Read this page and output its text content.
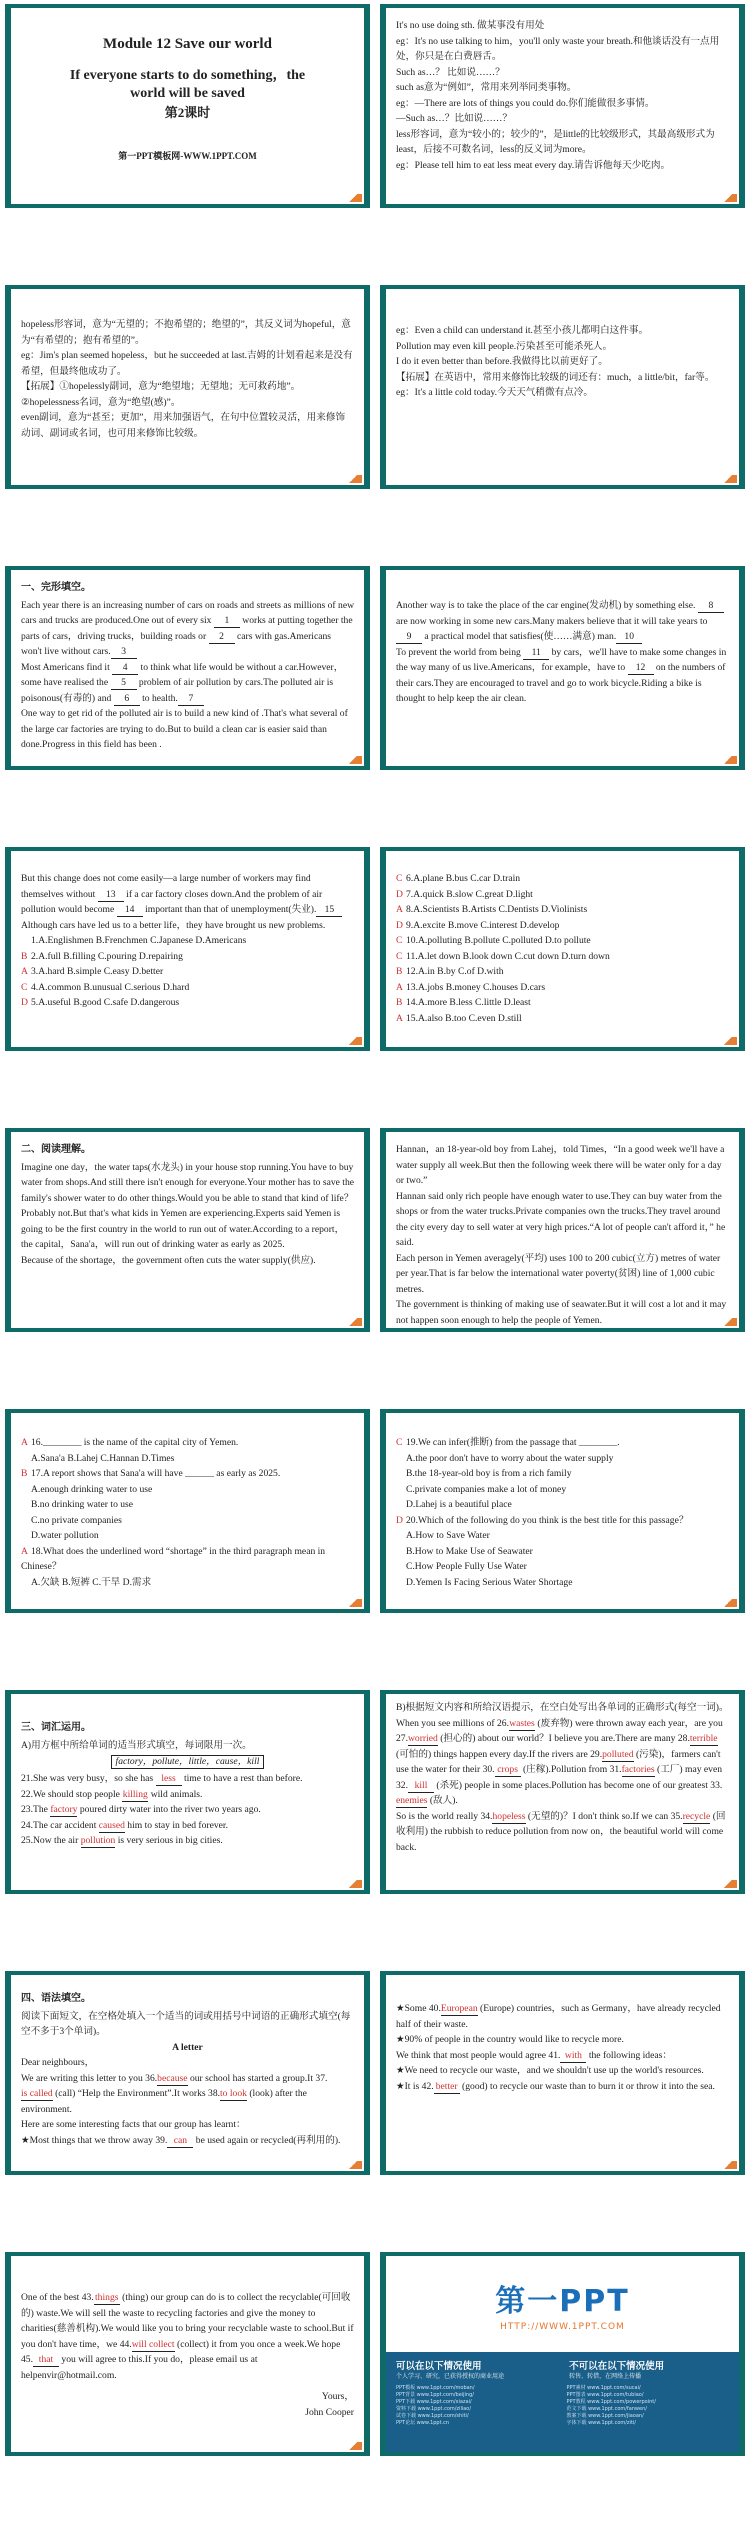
Module 12 Save our world
If everyone starts to do something，the
world will be saved
第2课时
第一PPT模板网-WWW.1PPT.COM
It's no use doing sth. 做某事没有用处
eg：It's no use talking to him，you'll only waste your breath.和他谈话没有一点用处，你只是在白费唇舌。
Such as…？ 比如说……？
such as意为“例如”，常用来列举同类事物。
eg：—There are lots of things you could do.你们能做很多事情。
—Such as…？比如说……？
less形容词，意为“较小的；较少的”，是little的比较级形式，其最高级形式为least，后接不可数名词，less的反义词为more。
eg：Please tell him to eat less meat every day.请告诉他每天少吃肉。
hopeless形容词，意为“无望的；不抱希望的；绝望的”，其反义词为hopeful，意为“有希望的；抱有希望的”。
eg：Jim's plan seemed hopeless，but he succeeded at last.吉姆的计划看起来是没有希望，但最终他成功了。
【拓展】①hopelessly副词，意为“绝望地；无望地；无可救药地”。
②hopelessness名词，意为“绝望(感)”。
even副词，意为“甚至；更加”，用来加强语气，在句中位置较灵活，用来修饰动词、副词或名词，也可用来修饰比较级。
eg：Even a child can understand it.甚至小孩儿都明白这件事。
Pollution may even kill people.污染甚至可能杀死人。
I do it even better than before.我做得比以前更好了。
【拓展】在英语中，常用来修饰比较级的词还有：much，a little/bit，far等。
eg：It's a little cold today.今天天气稍微有点冷。
一、完形填空。
Each year there is an increasing number of cars on roads and streets as millions of new cars and trucks are produced.One out of every six 1 works at putting together the parts of cars，driving trucks，building roads or 2 cars with gas.Americans won't live without cars. 3
Most Americans find it 4 to think what life would be without a car.However，some have realised the 5 problem of air pollution by cars.The polluted air is poisonous(有毒的) and 6 to health. 7
One way to get rid of the polluted air is to build a new kind of .That's what several of the large car factories are trying to do.But to build a clean car is easier said than done.Progress in this field has been .
Another way is to take the place of the car engine(发动机) by something else. 8 are now working in some new cars.Many makers believe that it will take years to 9 a practical model that satisfies(使……满意) man. 10
To prevent the world from being 11 by cars，we'll have to make some changes in the way many of us live.Americans，for example，have to 12 on the numbers of their cars.They are encouraged to travel and go to work bicycle.Riding a bike is thought to help keep the air clean.
But this change does not come easily—a large number of workers may find themselves without 13 if a car factory closes down.And the problem of air pollution would become 14 important than that of unemployment(失业). 15
Although cars have led us to a better life，they have brought us new problems.
1.A.Englishmen B.Frenchmen C.Japanese D.Americans
B 2.A.full B.filling C.pouring D.repairing
A 3.A.hard B.simple C.easy D.better
C 4.A.common B.unusual C.serious D.hard
D 5.A.useful B.good C.safe D.dangerous
C 6.A.plane B.bus C.car D.train
D 7.A.quick B.slow C.great D.light
A 8.A.Scientists B.Artists C.Dentists D.Violinists
D 9.A.excite B.move C.interest D.develop
C 10.A.polluting B.pollute C.polluted D.to pollute
C 11.A.let down B.look down C.cut down D.turn down
B 12.A.in B.by C.of D.with
A 13.A.jobs B.money C.houses D.cars
B 14.A.more B.less C.little D.least
A 15.A.also B.too C.even D.still
二、阅读理解。
Imagine one day，the water taps(水龙头) in your house stop running.You have to buy water from shops.And still there isn't enough for everyone.Your mother has to save the family's shower water to do other things.Would you be able to stand that kind of life？
Probably not.But that's what kids in Yemen are experiencing.Experts said Yemen is going to be the first country in the world to run out of water.According to a report，the capital，Sana'a，will run out of drinking water as early as 2025.
Because of the shortage，the government often cuts the water supply(供应).
Hannan，an 18-year-old boy from Lahej，told Times，“In a good week we'll have a water supply all week.But then the following week there will be water only for a day or two.”
Hannan said only rich people have enough water to use.They can buy water from the shops or from the water trucks.Private companies own the trucks.They travel around the city every day to sell water at very high prices.“A lot of people can't afford it，” he said.
Each person in Yemen averagely(平均) uses 100 to 200 cubic(立方) metres of water per year.That is far below the international water poverty(贫困) line of 1,000 cubic metres.
The government is thinking of making use of seawater.But it will cost a lot and it may not happen soon enough to help the people of Yemen.
A 16.________ is the name of the capital city of Yemen.
A.Sana'a B.Lahej C.Hannan D.Times
B 17.A report shows that Sana'a will have ______ as early as 2025.
A.enough drinking water to use
B.no drinking water to use
C.no private companies
D.water pollution
A 18.What does the underlined word “shortage” in the third paragraph mean in Chinese？
A.欠缺 B.短裤 C.干旱 D.需求
C 19.We can infer(推断) from the passage that ________.
A.the poor don't have to worry about the water supply
B.the 18-year-old boy is from a rich family
C.private companies make a lot of money
D.Lahej is a beautiful place
D 20.Which of the following do you think is the best title for this passage？
A.How to Save Water
B.How to Make Use of Seawater
C.How People Fully Use Water
D.Yemen Is Facing Serious Water Shortage
三、词汇运用。
A)用方框中所给单词的适当形式填空，每词限用一次。
factory，pollute，little，cause，kill
21.She was very busy，so she has less time to have a rest than before.
22.We should stop people killing wild animals.
23.The factory poured dirty water into the river two years ago.
24.The car accident caused him to stay in bed forever.
25.Now the air pollution is very serious in big cities.
B)根据短文内容和所给汉语提示，在空白处写出各单词的正确形式(每空一词)。
When you see millions of 26.wastes (废弃物) were thrown away each year，are you 27.worried (担心的) about our world？I believe you are.There are many 28.terrible (可怕的) things happen every day.If the rivers are 29.polluted (污染)，farmers can't use the water for their 30. crops (庄稼).Pollution from 31.factories (工厂) may even 32. kill (杀死) people in some places.Pollution has become one of our greatest 33.enemies (敌人).
So is the world really 34.hopeless (无望的)？I don't think so.If we can 35.recycle (回收利用) the rubbish to reduce pollution from now on，the beautiful world will come back.
四、语法填空。
阅读下面短文，在空格处填入一个适当的词或用括号中词语的正确形式填空(每空不多于3个单词)。
A letter
Dear neighbours，
We are writing this letter to you 36.because our school has started a group.It 37.is called (call) “Help the Environment”.It works 38.to look (look) after the environment.
Here are some interesting facts that our group has learnt：
★Most things that we throw away 39. can be used again or recycled(再利用的).
★Some 40.European (Europe) countries，such as Germany，have already recycled half of their waste.
★90% of people in the country would like to recycle more.
We think that most people would agree 41. with the following ideas：
★We need to recycle our waste，and we shouldn't use up the world's resources.
★It is 42. better (good) to recycle our waste than to burn it or throw it into the sea.
One of the best 43.things (thing) our group can do is to collect the recyclable(可回收的) waste.We will sell the waste to recycling factories and give the money to charities(慈善机构).We would like you to bring your recyclable waste to school.But if you don't have time，we 44.will collect (collect) it from you once a week.We hope 45. that you will agree to this.If you do，please email us at helpenvir@hotmail.com.
Yours，
John Cooper
第一PPT
HTTP://WWW.1PPT.COM
可以在以下情况使用
个人学习、研究，已获得授权的商业用途
不可以在以下情况使用
转售、转借，在网络上传播
PPT模板 www.1ppt.com/moban/	PPT素材 www.1ppt.com/sucai/
PPT背景 www.1ppt.com/beijing/	PPT图表 www.1ppt.com/tubiao/
PPT下载 www.1ppt.com/xiazai/	PPT教程 www.1ppt.com/powerpoint/
资料下载 www.1ppt.com/ziliao/	范文下载 www.1ppt.com/fanwen/
试卷下载 www.1ppt.com/shiti/	教案下载 www.1ppt.com/jiaoan/
PPT论坛 www.1ppt.cn	字体下载 www.1ppt.com/ziti/
